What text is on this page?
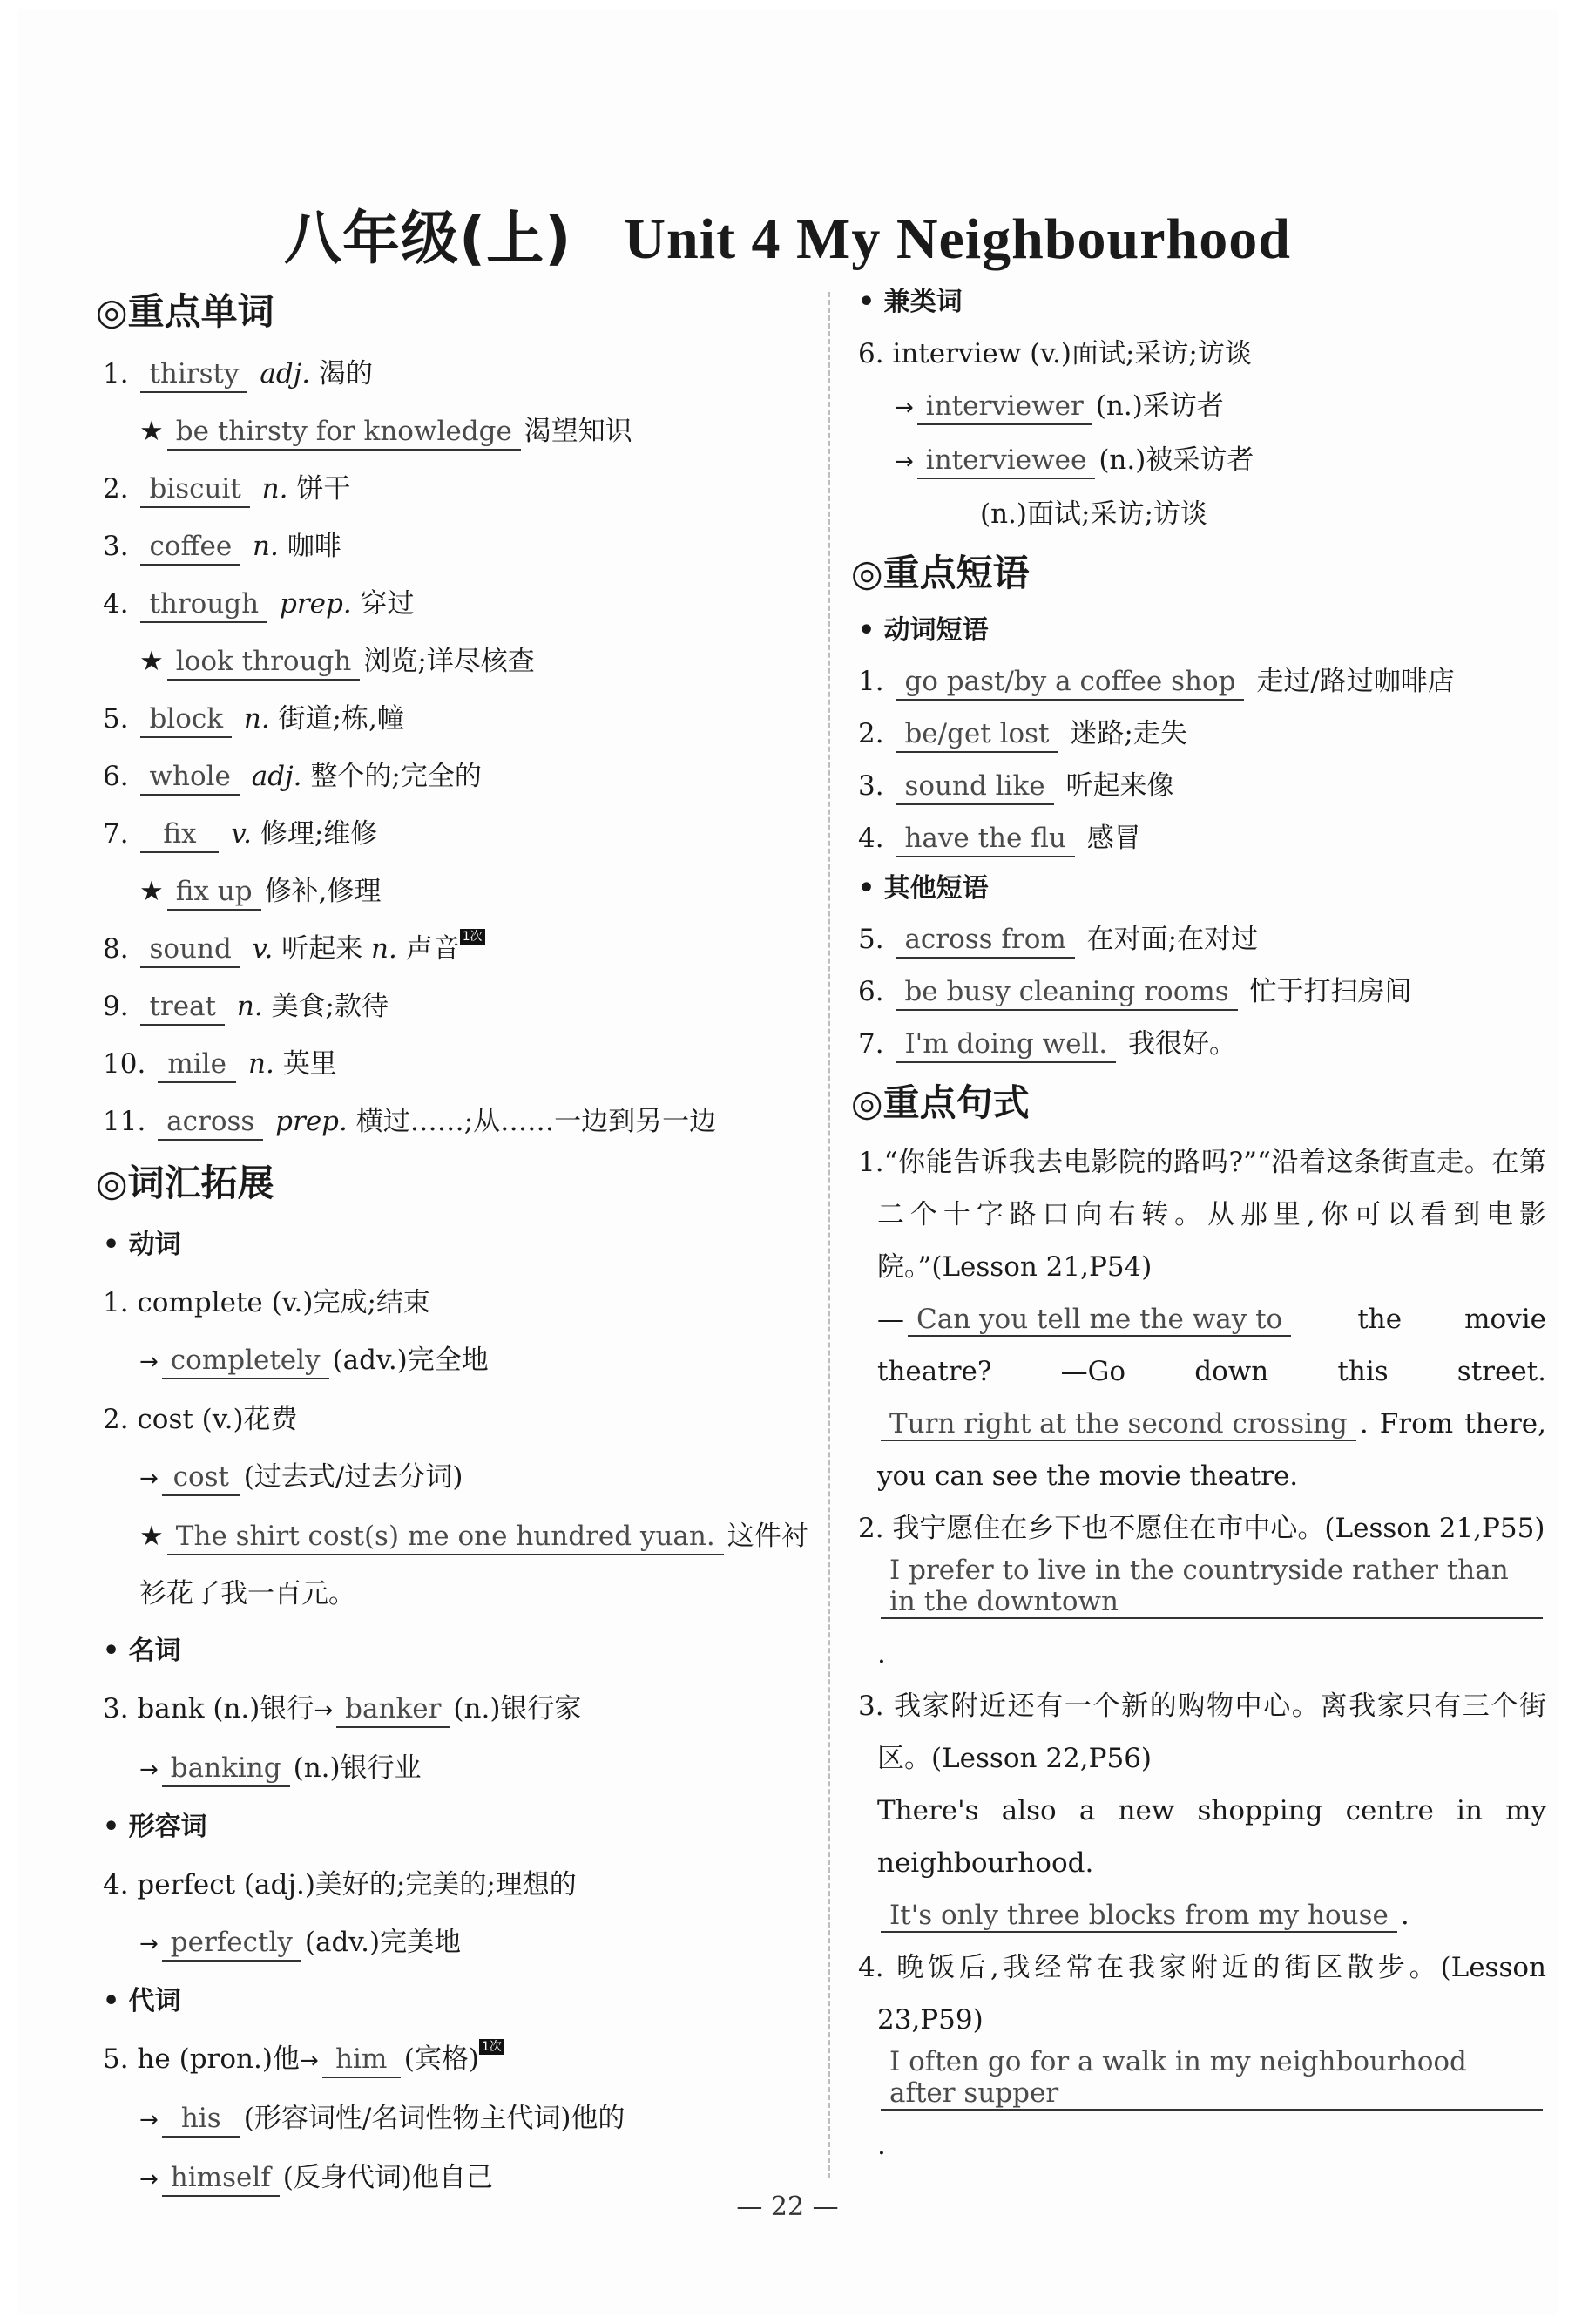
八年级(上) Unit 4 My Neighbourhood
◎重点单词
1. thirsty adj. 渴的
★ be thirsty for knowledge 渴望知识
2. biscuit n. 饼干
3. coffee n. 咖啡
4. through prep. 穿过
★ look through 浏览;详尽核查
5. block n. 街道;栋,幢
6. whole adj. 整个的;完全的
7. fix v. 修理;维修
★ fix up 修补,修理
8. sound v. 听起来 n. 声音 1次
9. treat n. 美食;款待
10. mile n. 英里
11. across prep. 横过……;从……一边到另一边
◎词汇拓展
• 动词
1. complete (v.)完成;结束
→ completely (adv.)完全地
2. cost (v.)花费
→ cost (过去式/过去分词)
★ The shirt cost(s) me one hundred yuan. 这件衬
衫花了我一百元。
• 名词
3. bank (n.)银行→ banker (n.)银行家
→ banking (n.)银行业
• 形容词
4. perfect (adj.)美好的;完美的;理想的
→ perfectly (adv.)完美地
• 代词
5. he (pron.)他→ him (宾格) 1次
→ his (形容词性/名词性物主代词)他的
→ himself (反身代词)他自己
• 兼类词
6. interview (v.)面试;采访;访谈
→ interviewer (n.)采访者
→ interviewee (n.)被采访者
(n.)面试;采访;访谈
◎重点短语
• 动词短语
1. go past/by a coffee shop 走过/路过咖啡店
2. be/get lost 迷路;走失
3. sound like 听起来像
4. have the flu 感冒
• 其他短语
5. across from 在对面;在对过
6. be busy cleaning rooms 忙于打扫房间
7. I'm doing well. 我很好。
◎重点句式
1.“你能告诉我去电影院的路吗?”“沿着这条街直走。在第二个十字路口向右转。从那里,你可以看到电影院。”(Lesson 21,P54)
— Can you tell me the way to	the movie theatre?	—Go down this street. Turn right at the second crossing . From there, you can see the movie theatre.
2. 我宁愿住在乡下也不愿住在市中心。(Lesson 21,P55)
I prefer to live in the countryside rather than in the downtown.
3. 我家附近还有一个新的购物中心。离我家只有三个街区。(Lesson 22,P56)
There's also a new shopping centre in my neighbourhood. It's only three blocks from my house .
4. 晚饭后,我经常在我家附近的街区散步。(Lesson 23,P59)
I often go for a walk in my neighbourhood after supper.
— 22 —
